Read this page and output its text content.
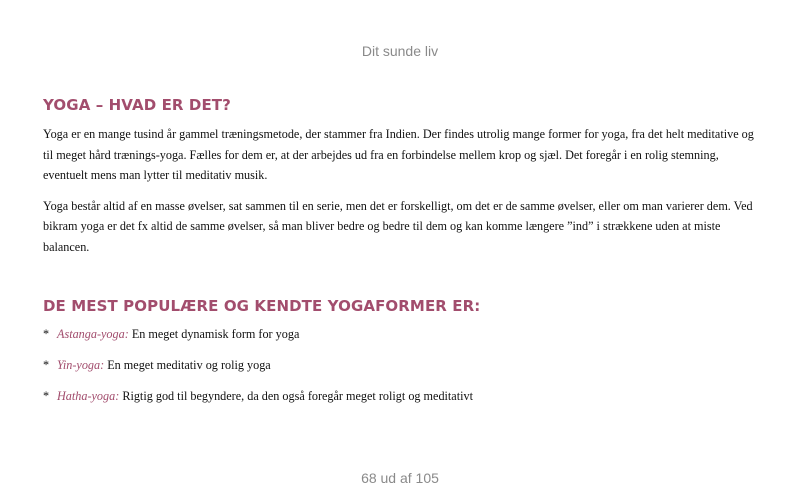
Dit sunde liv
YOGA – HVAD ER DET?

Yoga er en mange tusind år gammel træningsmetode, der stammer fra Indien. Der findes utrolig mange former for yoga, fra det helt meditative og til meget hård trænings-yoga. Fælles for dem er, at der arbejdes ud fra en forbindelse mellem krop og sjæl. Det foregår i en rolig stemning, eventuelt mens man lytter til meditativ musik.

Yoga består altid af en masse øvelser, sat sammen til en serie, men det er forskelligt, om det er de samme øvelser, eller om man varierer dem. Ved bikram yoga er det fx altid de samme øvelser, så man bliver bedre og bedre til dem og kan komme længere ”ind” i strækkene uden at miste balancen.

DE MEST POPULÆRE OG KENDTE YOGAFORMER ER:
* Astanga-yoga: En meget dynamisk form for yoga
* Yin-yoga: En meget meditativ og rolig yoga
* Hatha-yoga: Rigtig god til begyndere, da den også foregår meget roligt og meditativt
68 ud af 105
